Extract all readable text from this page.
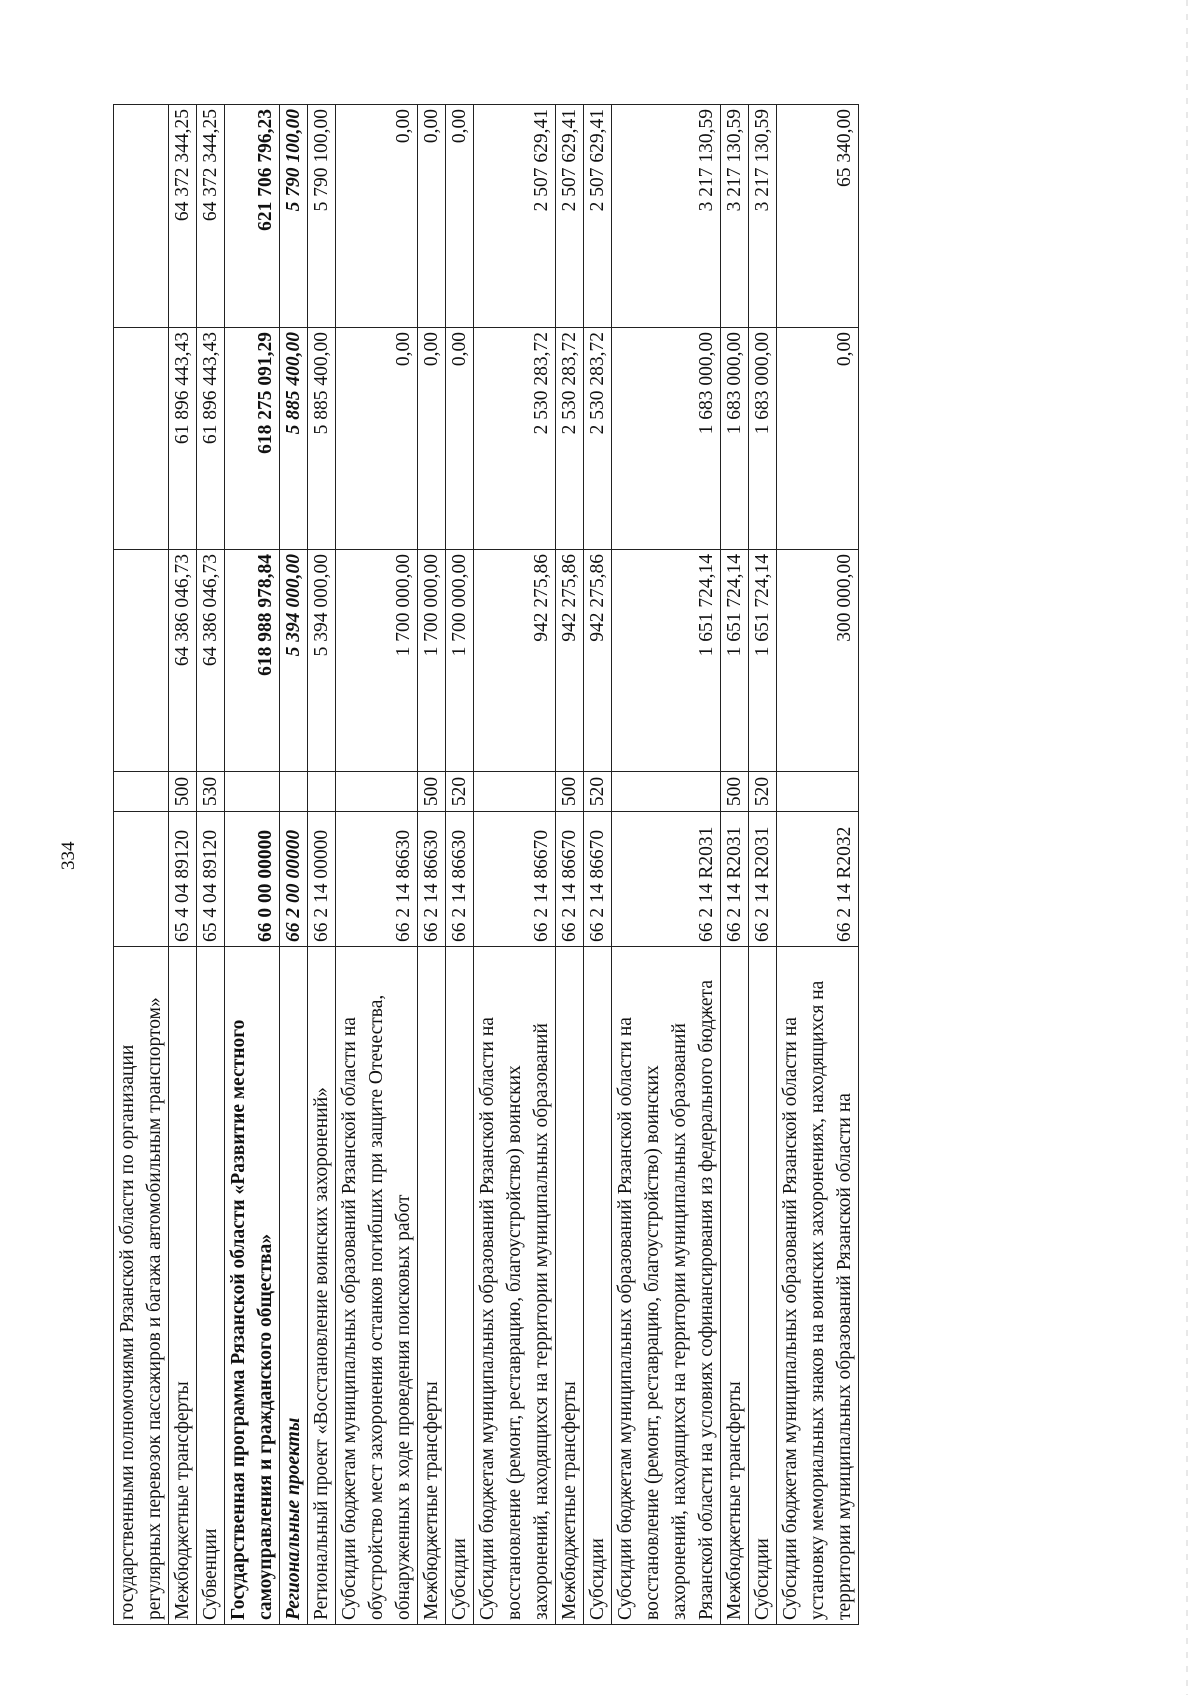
334
государственными полномочиями Рязанской области по организации регулярных перевозок пассажиров и багажа автомобильным транспортом»					
Межбюджетные трансферты	65 4 04 89120	500	64 386 046,73	61 896 443,43	64 372 344,25
Субвенции	65 4 04 89120	530	64 386 046,73	61 896 443,43	64 372 344,25
Государственная программа Рязанской области «Развитие местного самоуправления и гражданского общества»	66 0 00 00000		618 988 978,84	618 275 091,29	621 706 796,23
Региональные проекты	66 2 00 00000		5 394 000,00	5 885 400,00	5 790 100,00
Региональный проект «Восстановление воинских захоронений»	66 2 14 00000		5 394 000,00	5 885 400,00	5 790 100,00
Субсидии бюджетам муниципальных образований Рязанской области на обустройство мест захоронения останков погибших при защите Отечества, обнаруженных в ходе проведения поисковых работ	66 2 14 86630		1 700 000,00	0,00	0,00
Межбюджетные трансферты	66 2 14 86630	500	1 700 000,00	0,00	0,00
Субсидии	66 2 14 86630	520	1 700 000,00	0,00	0,00
Субсидии бюджетам муниципальных образований Рязанской области на восстановление (ремонт, реставрацию, благоустройство) воинских захоронений, находящихся на территории муниципальных образований	66 2 14 86670		942 275,86	2 530 283,72	2 507 629,41
Межбюджетные трансферты	66 2 14 86670	500	942 275,86	2 530 283,72	2 507 629,41
Субсидии	66 2 14 86670	520	942 275,86	2 530 283,72	2 507 629,41
Субсидии бюджетам муниципальных образований Рязанской области на восстановление (ремонт, реставрацию, благоустройство) воинских захоронений, находящихся на территории муниципальных образований Рязанской области на условиях софинансирования из федерального бюджета	66 2 14 R2031		1 651 724,14	1 683 000,00	3 217 130,59
Межбюджетные трансферты	66 2 14 R2031	500	1 651 724,14	1 683 000,00	3 217 130,59
Субсидии	66 2 14 R2031	520	1 651 724,14	1 683 000,00	3 217 130,59
Субсидии бюджетам муниципальных образований Рязанской области на установку мемориальных знаков на воинских захоронениях, находящихся на территории муниципальных образований Рязанской области на	66 2 14 R2032		300 000,00	0,00	65 340,00
